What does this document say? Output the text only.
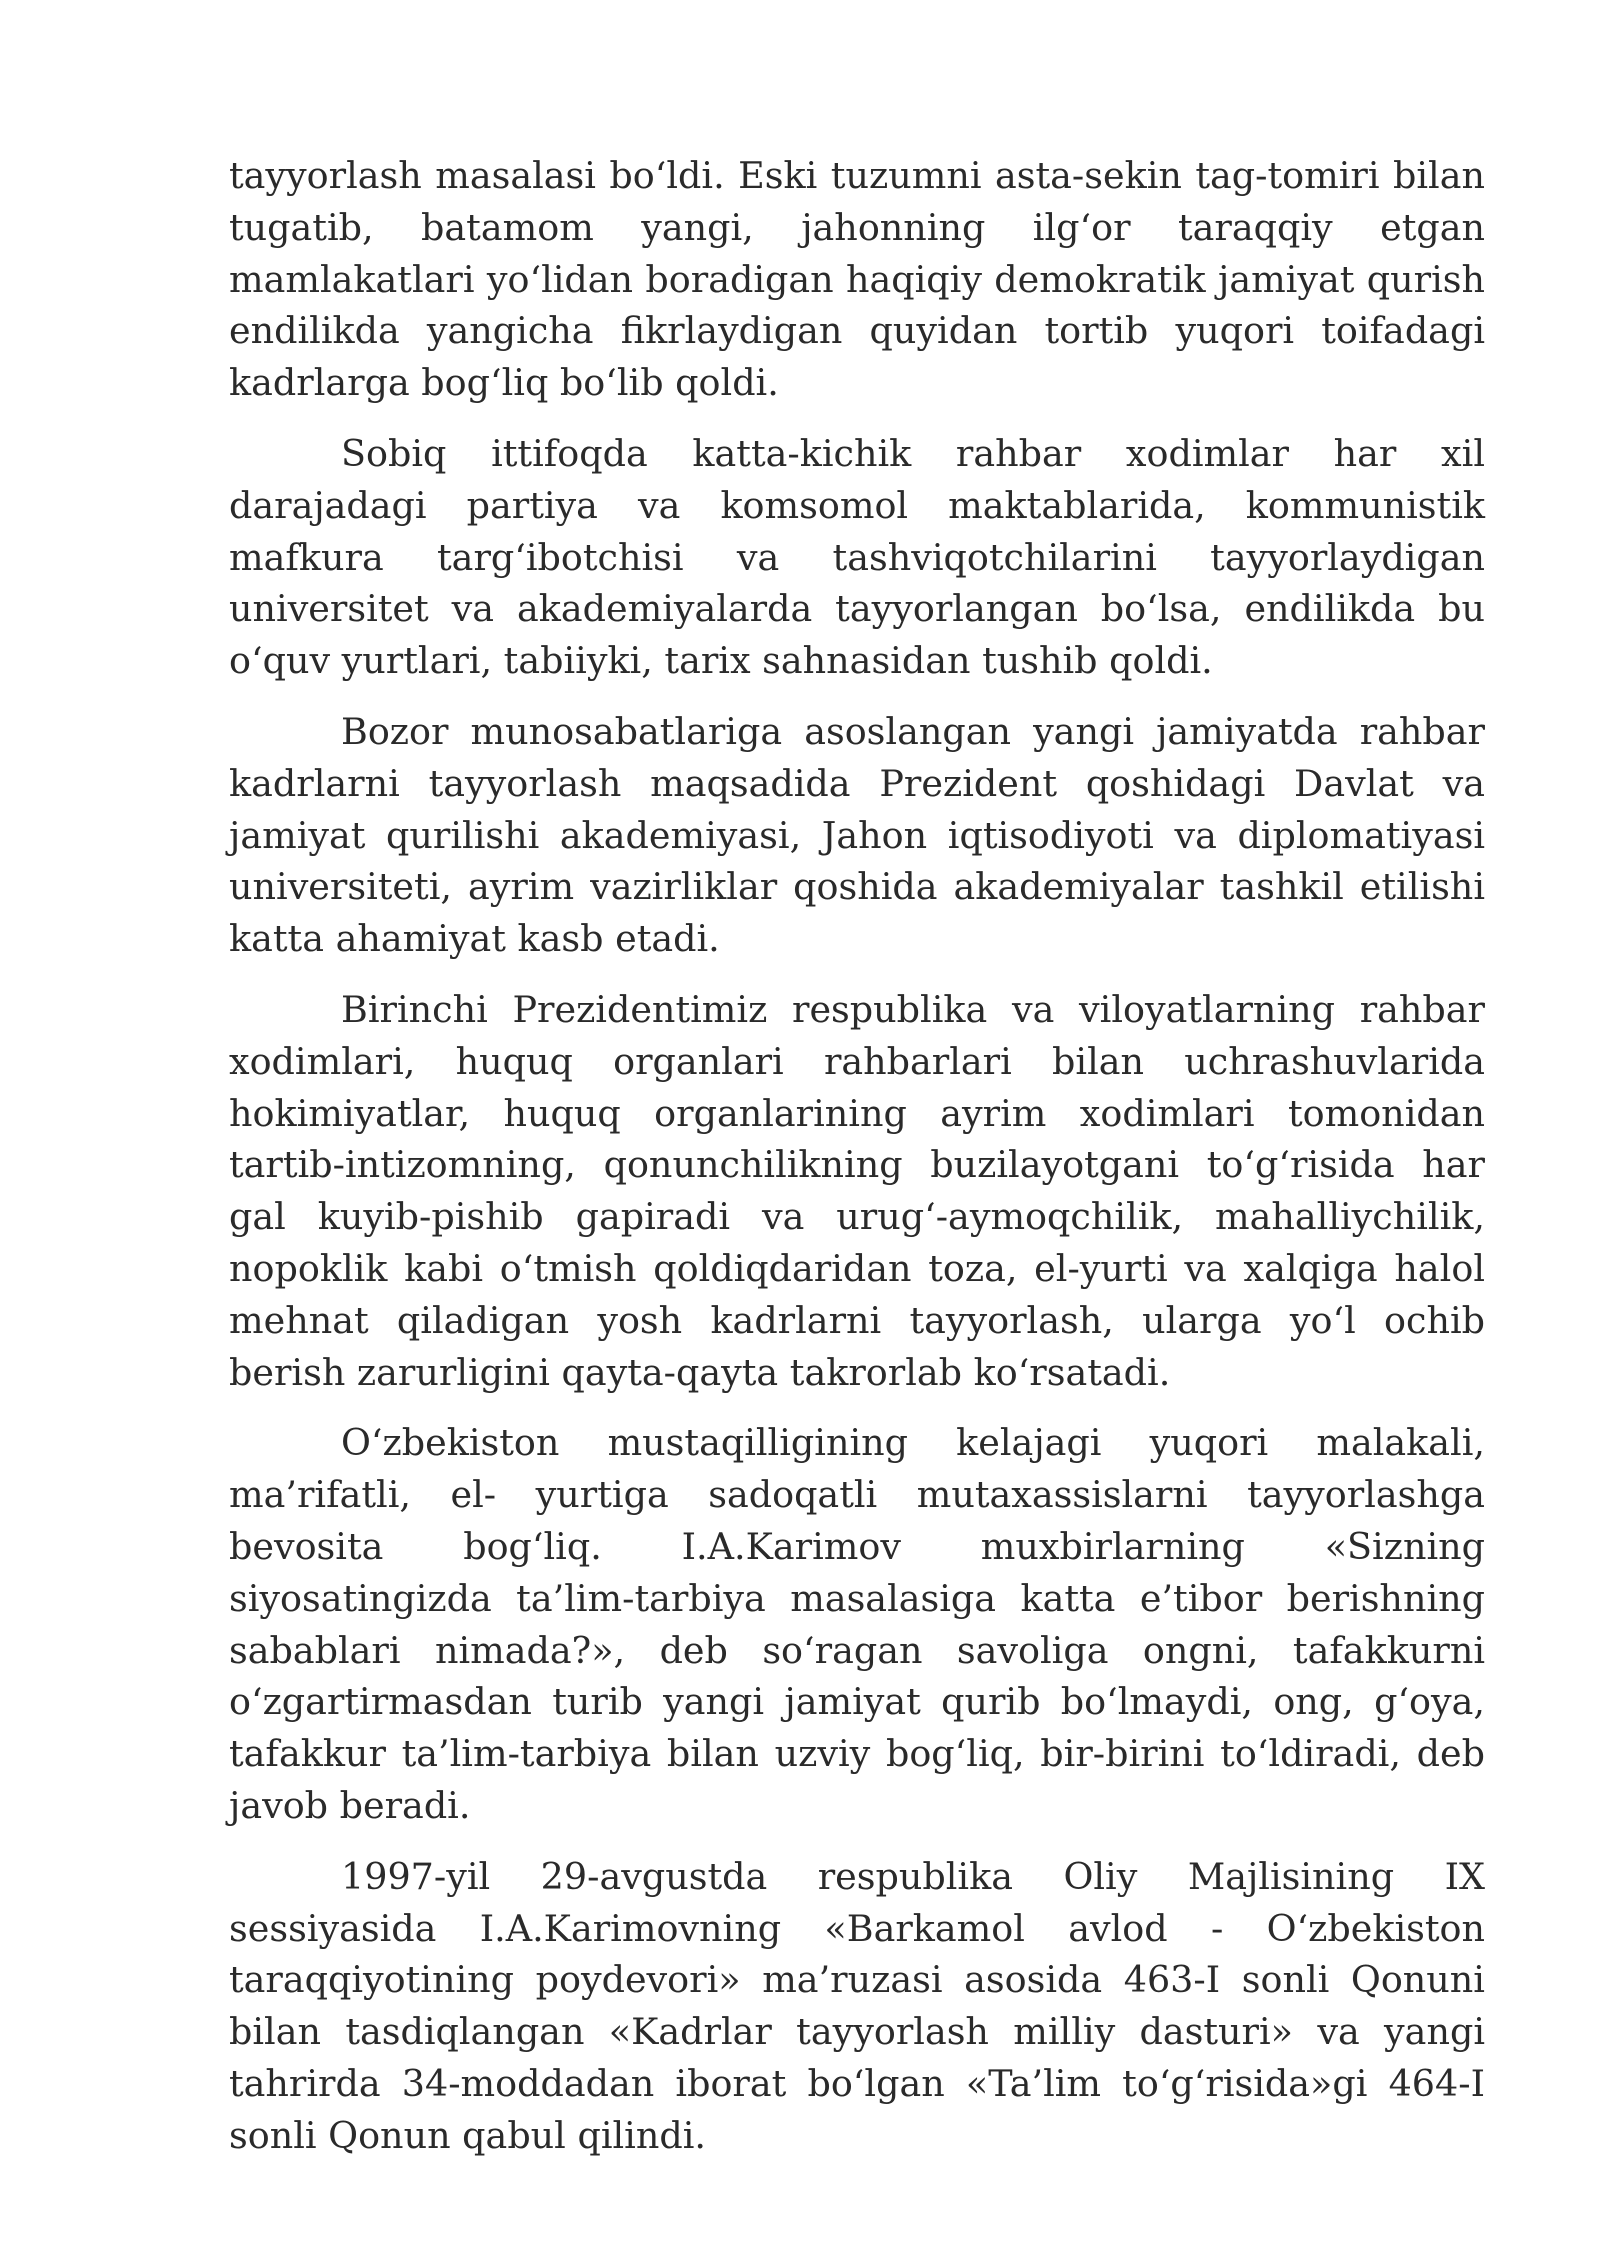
tayyorlash masalasi bo‘ldi. Eski tuzumni asta-sekin tag-tomiri bilan tugatib, batamom yangi, jahonning ilg‘or taraqqiy etgan mamlakatlari yo‘lidan boradigan haqiqiy demokratik jamiyat qurish endilikda yangicha fikrlaydigan quyidan tortib yuqori toifadagi kadrlarga bog‘liq bo‘lib qoldi.

Sobiq ittifoqda katta-kichik rahbar xodimlar har xil darajadagi partiya va komsomol maktablarida, kommunistik mafkura targ‘ibotchisi va tashviqotchilarini tayyorlaydigan universitet va akademiyalarda tayyorlangan bo‘lsa, endilikda bu o‘quv yurtlari, tabiiyki, tarix sahnasidan tushib qoldi.

Bozor munosabatlariga asoslangan yangi jamiyatda rahbar kadrlarni tayyorlash maqsadida Prezident qoshidagi Davlat va jamiyat qurilishi akademiyasi, Jahon iqtisodiyoti va diplomatiyasi universiteti, ayrim vazirliklar qoshida akademiyalar tashkil etilishi katta ahamiyat kasb etadi.

Birinchi Prezidentimiz respublika va viloyatlarning rahbar xodimlari, huquq organlari rahbarlari bilan uchrashuvlarida hokimiyatlar, huquq organlarining ayrim xodimlari tomonidan tartib-intizomning, qonunchilikning buzilayotgani to‘g‘risida har gal kuyib-pishib gapiradi va urug‘-aymoqchilik, mahalliychilik, nopoklik kabi o‘tmish qoldiqdaridan toza, el-yurti va xalqiga halol mehnat qiladigan yosh kadrlarni tayyorlash, ularga yo‘l ochib berish zarurligini qayta-qayta takrorlab ko‘rsatadi.

O‘zbekiston mustaqilligining kelajagi yuqori malakali, ma’rifatli, el- yurtiga sadoqatli mutaxassislarni tayyorlashga bevosita bog‘liq. I.A.Karimov muxbirlarning «Sizning siyosatingizda ta’lim-tarbiya masalasiga katta e’tibor berishning sabablari nimada?», deb so‘ragan savoliga ongni, tafakkurni o‘zgartirmasdan turib yangi jamiyat qurib bo‘lmaydi, ong, g‘oya, tafakkur ta’lim-tarbiya bilan uzviy bog‘liq, bir-birini to‘ldiradi, deb javob beradi.

1997-yil 29-avgustda respublika Oliy Majlisining IX sessiyasida I.A.Karimovning «Barkamol avlod - O‘zbekiston taraqqiyotining poydevori» ma’ruzasi asosida 463-I sonli Qonuni bilan tasdiqlangan «Kadrlar tayyorlash milliy dasturi» va yangi tahrirda 34-moddadan iborat bo‘lgan «Ta’lim to‘g‘risida»gi 464-I sonli Qonun qabul qilindi.
